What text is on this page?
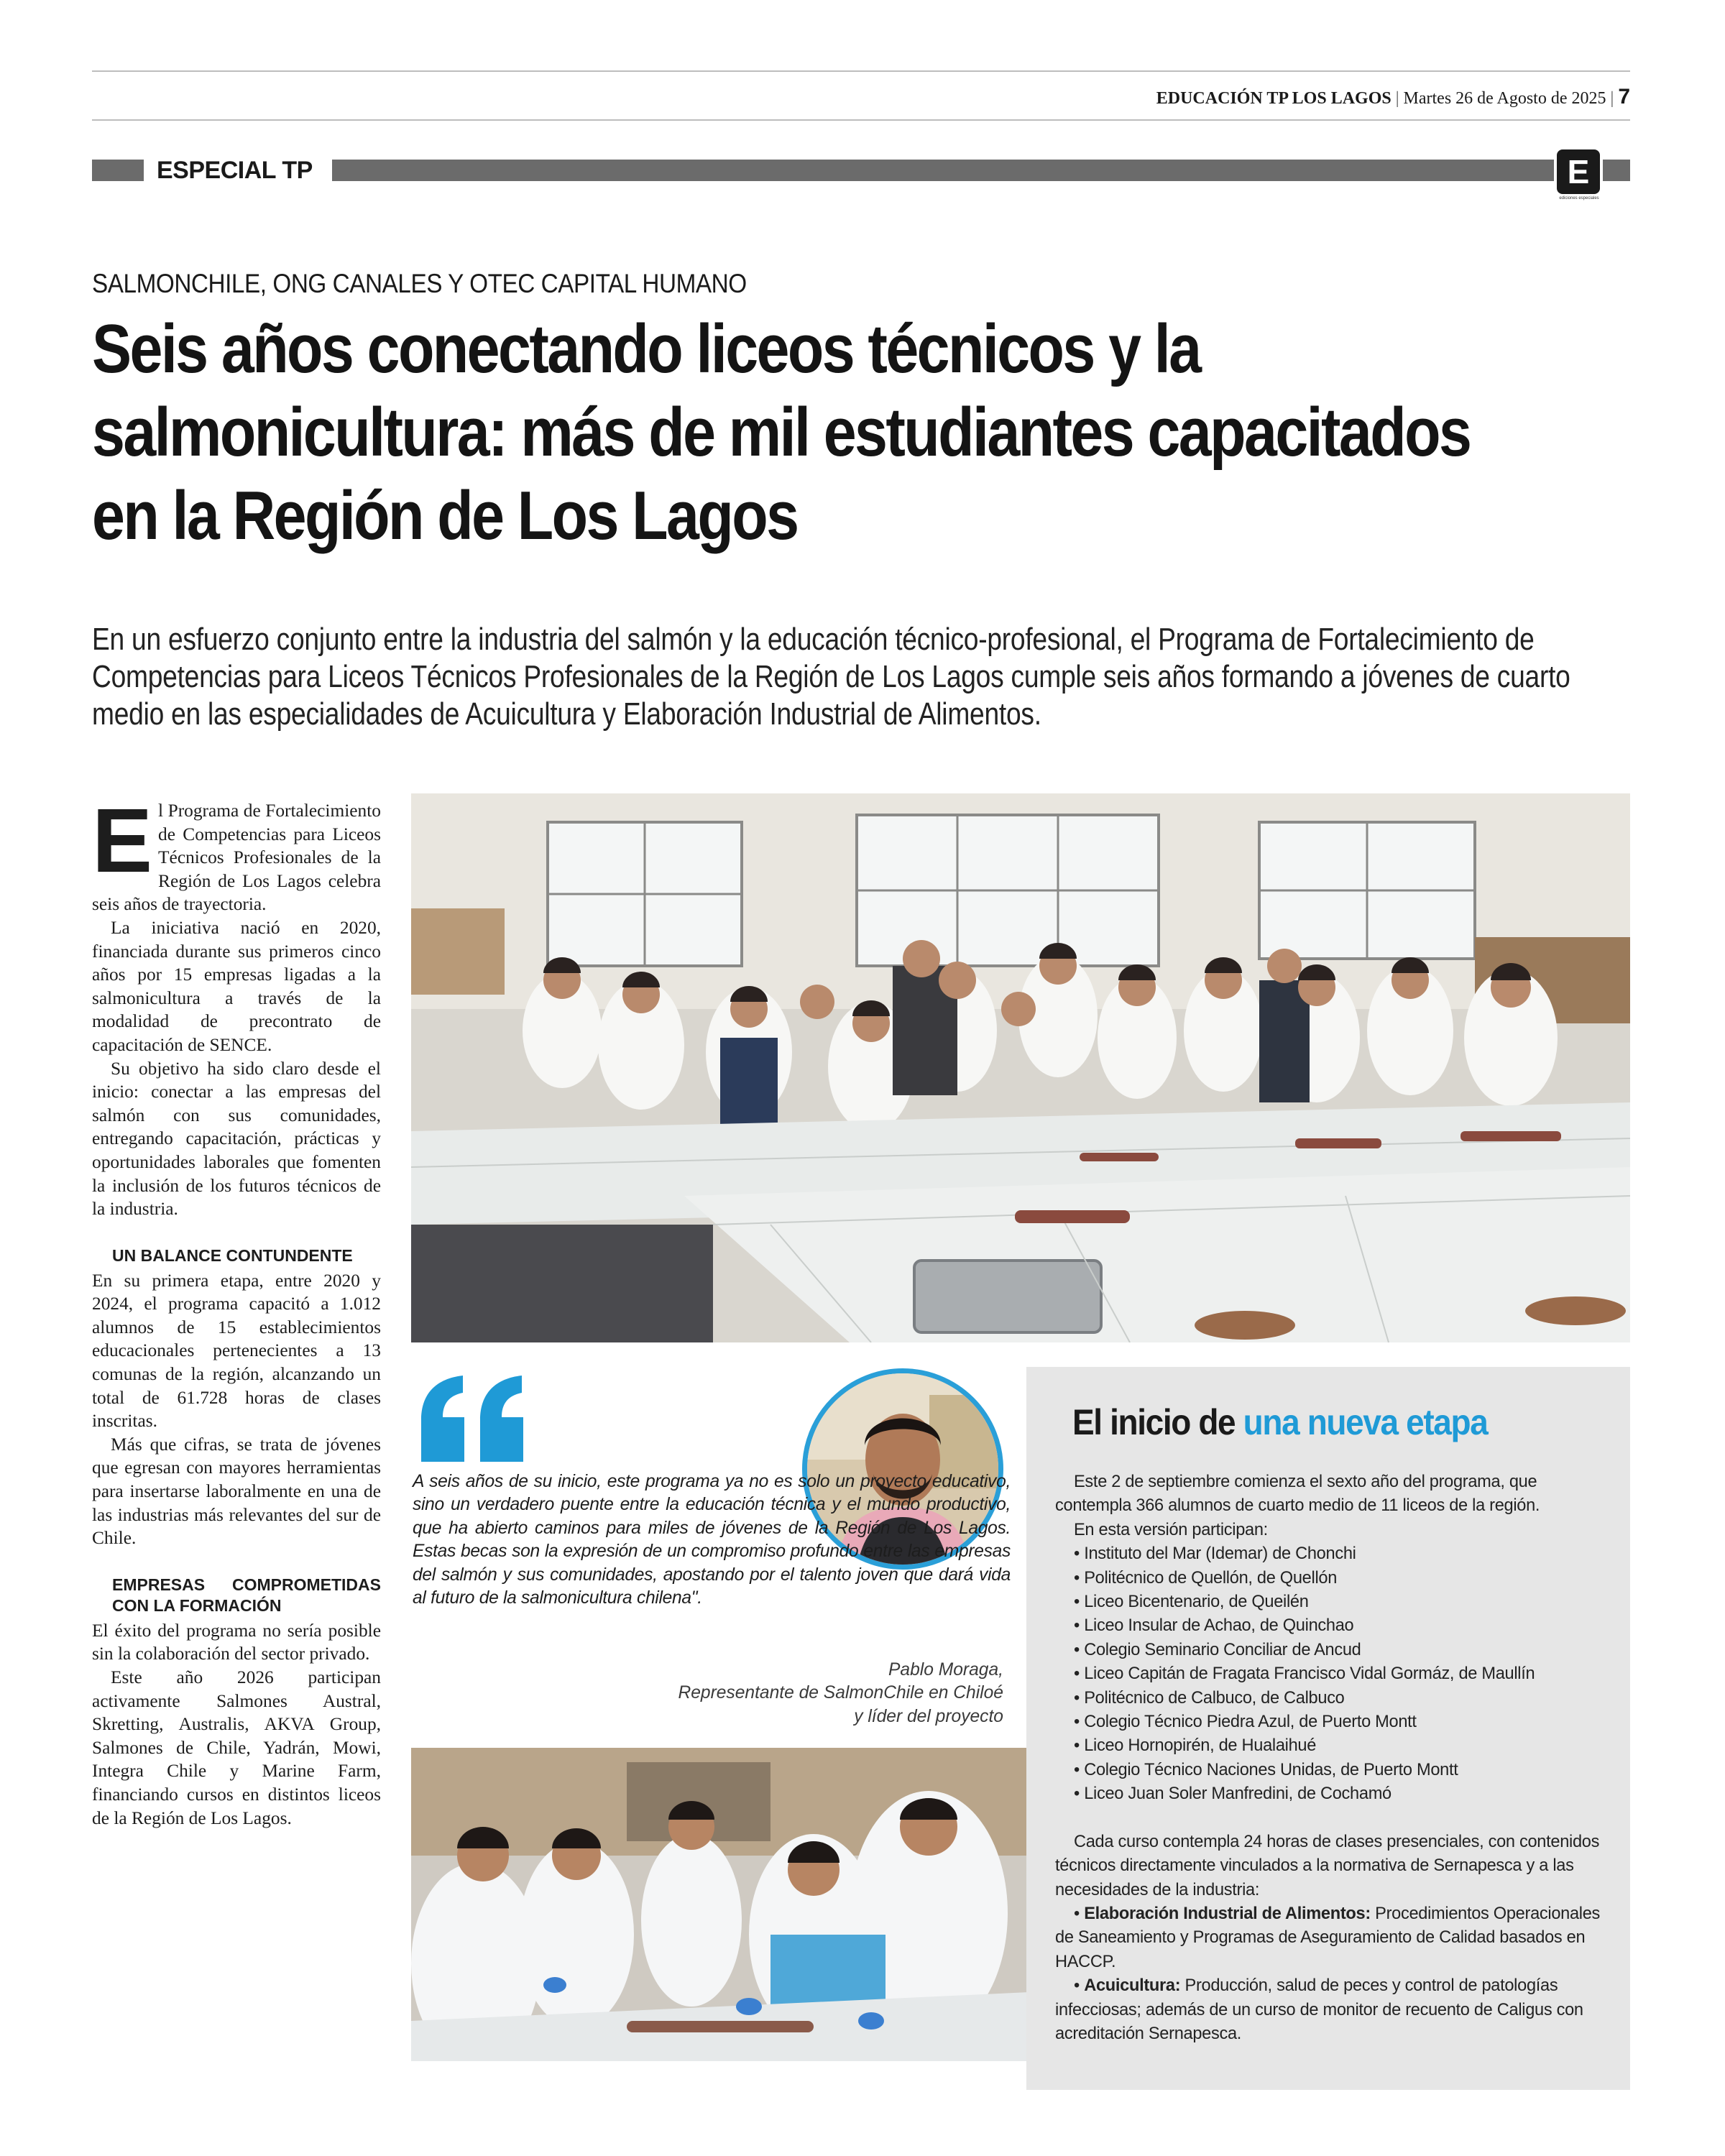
EDUCACIÓN TP LOS LAGOS | Martes 26 de Agosto de 2025 | 7
ESPECIAL TP	E
ediciones especiales
SALMONCHILE, ONG CANALES Y OTEC CAPITAL HUMANO
Seis años conectando liceos técnicos y la salmonicultura: más de mil estudiantes capacitados en la Región de Los Lagos
En un esfuerzo conjunto entre la industria del salmón y la educación técnico-profesional, el Programa de Fortalecimiento de Competencias para Liceos Técnicos Profesionales de la Región de Los Lagos cumple seis años formando a jóvenes de cuarto medio en las especialidades de Acuicultura y Elaboración Industrial de Alimentos.

El Programa de Fortalecimiento de Competencias para Liceos Técnicos Profesionales de la Región de Los Lagos celebra seis años de trayectoria.

La iniciativa nació en 2020, financiada durante sus primeros cinco años por 15 empresas ligadas a la salmonicultura a través de la modalidad de precontrato de capacitación de SENCE.

Su objetivo ha sido claro desde el inicio: conectar a las empresas del salmón con sus comunidades, entregando capacitación, prácticas y oportunidades laborales que fomenten la inclusión de los futuros técnicos de la industria.

UN BALANCE CONTUNDENTE

En su primera etapa, entre 2020 y 2024, el programa capacitó a 1.012 alumnos de 15 establecimientos educacionales pertenecientes a 13 comunas de la región, alcanzando un total de 61.728 horas de clases inscritas.

Más que cifras, se trata de jóvenes que egresan con mayores herramientas para insertarse laboralmente en una de las industrias más relevantes del sur de Chile.

EMPRESAS COMPROMETIDAS CON LA FORMACIÓN

El éxito del programa no sería posible sin la colaboración del sector privado.

Este año 2026 participan activamente Salmones Austral, Skretting, Australis, AKVA Group, Salmones de Chile, Yadrán, Mowi, Integra Chile y Marine Farm, financiando cursos en distintos liceos de la Región de Los Lagos.

A seis años de su inicio, este programa ya no es solo un proyecto educativo, sino un verdadero puente entre la educación técnica y el mundo productivo, que ha abierto caminos para miles de jóvenes de la Región de Los Lagos. Estas becas son la expresión de un compromiso profundo entre las empresas del salmón y sus comunidades, apostando por el talento joven que dará vida al futuro de la salmonicultura chilena".
Pablo Moraga,
Representante de SalmonChile en Chiloé
y líder del proyecto
El inicio de una nueva etapa

Este 2 de septiembre comienza el sexto año del programa, que contempla 366 alumnos de cuarto medio de 11 liceos de la región.

En esta versión participan:

• Instituto del Mar (Idemar) de Chonchi
• Politécnico de Quellón, de Quellón
• Liceo Bicentenario, de Queilén
• Liceo Insular de Achao, de Quinchao
• Colegio Seminario Conciliar de Ancud
• Liceo Capitán de Fragata Francisco Vidal Gormáz, de Maullín
• Politécnico de Calbuco, de Calbuco
• Colegio Técnico Piedra Azul, de Puerto Montt
• Liceo Hornopirén, de Hualaihué
• Colegio Técnico Naciones Unidas, de Puerto Montt
• Liceo Juan Soler Manfredini, de Cochamó

Cada curso contempla 24 horas de clases presenciales, con contenidos técnicos directamente vinculados a la normativa de Sernapesca y a las necesidades de la industria:

• Elaboración Industrial de Alimentos: Procedimientos Operacionales de Saneamiento y Programas de Aseguramiento de Calidad basados en HACCP.

• Acuicultura: Producción, salud de peces y control de patologías infecciosas; además de un curso de monitor de recuento de Caligus con acreditación Sernapesca.
